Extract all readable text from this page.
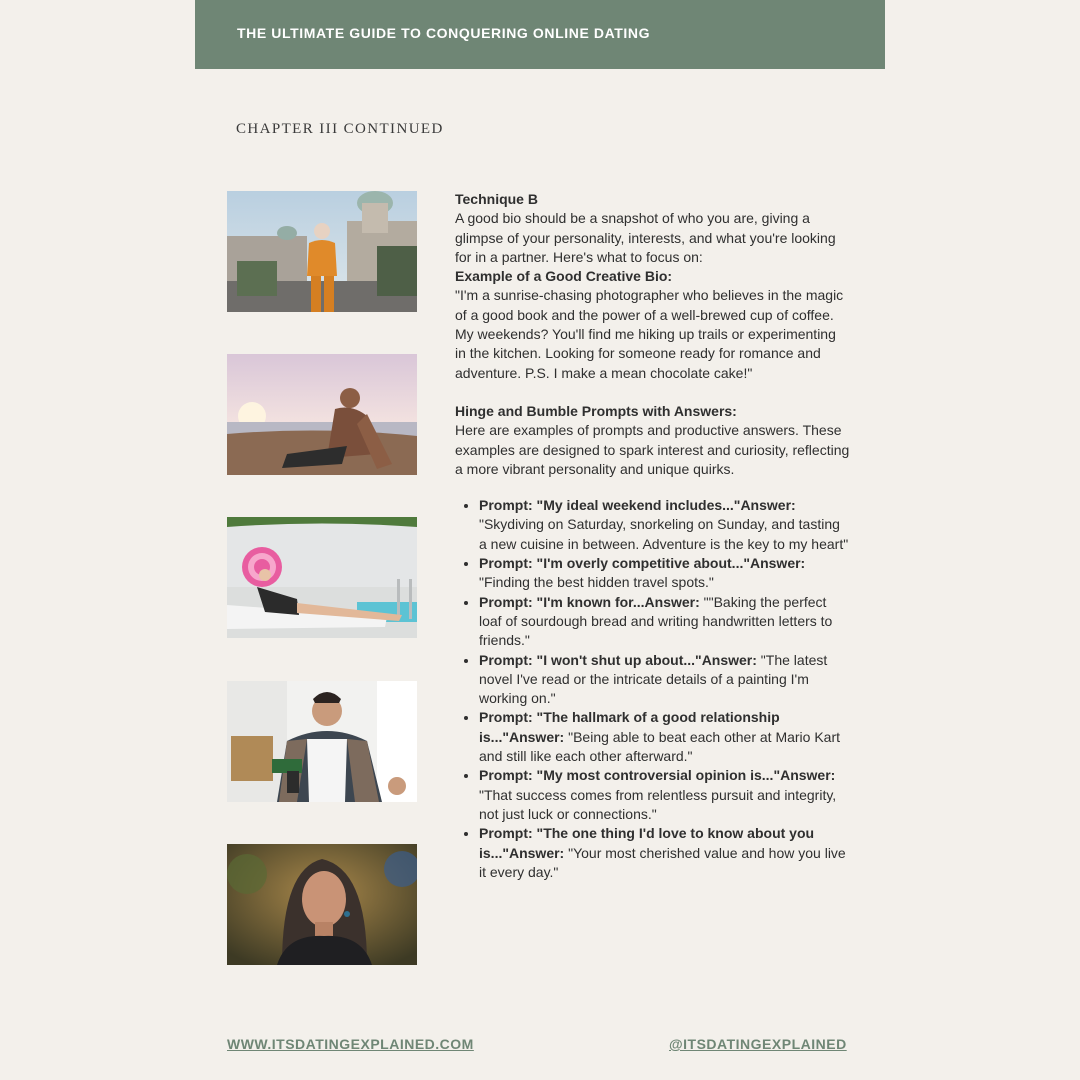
THE ULTIMATE GUIDE TO CONQUERING ONLINE DATING
CHAPTER III CONTINUED

Technique B

A good bio should be a snapshot of who you are, giving a glimpse of your personality, interests, and what you're looking for in a partner. Here's what to focus on:

Example of a Good Creative Bio:

"I'm a sunrise-chasing photographer who believes in the magic of a good book and the power of a well-brewed cup of coffee. My weekends? You'll find me hiking up trails or experimenting in the kitchen. Looking for someone ready for romance and adventure. P.S. I make a mean chocolate cake!"

Hinge and Bumble Prompts with Answers:

Here are examples of prompts and productive answers. These examples are designed to spark interest and curiosity, reflecting a more vibrant personality and unique quirks.

• Prompt: "My ideal weekend includes..."Answer: "Skydiving on Saturday, snorkeling on Sunday, and tasting a new cuisine in between. Adventure is the key to my heart"
• Prompt: "I'm overly competitive about..."Answer: "Finding the best hidden travel spots."
• Prompt: "I'm known for...Answer: ""Baking the perfect loaf of sourdough bread and writing handwritten letters to friends."
• Prompt: "I won't shut up about..."Answer: "The latest novel I've read or the intricate details of a painting I'm working on."
• Prompt: "The hallmark of a good relationship is..."Answer: "Being able to beat each other at Mario Kart and still like each other afterward."
• Prompt: "My most controversial opinion is..."Answer: "That success comes from relentless pursuit and integrity, not just luck or connections."
• Prompt: "The one thing I'd love to know about you is..."Answer: "Your most cherished value and how you live it every day."
WWW.ITSDATINGEXPLAINED.COM	@ITSDATINGEXPLAINED
